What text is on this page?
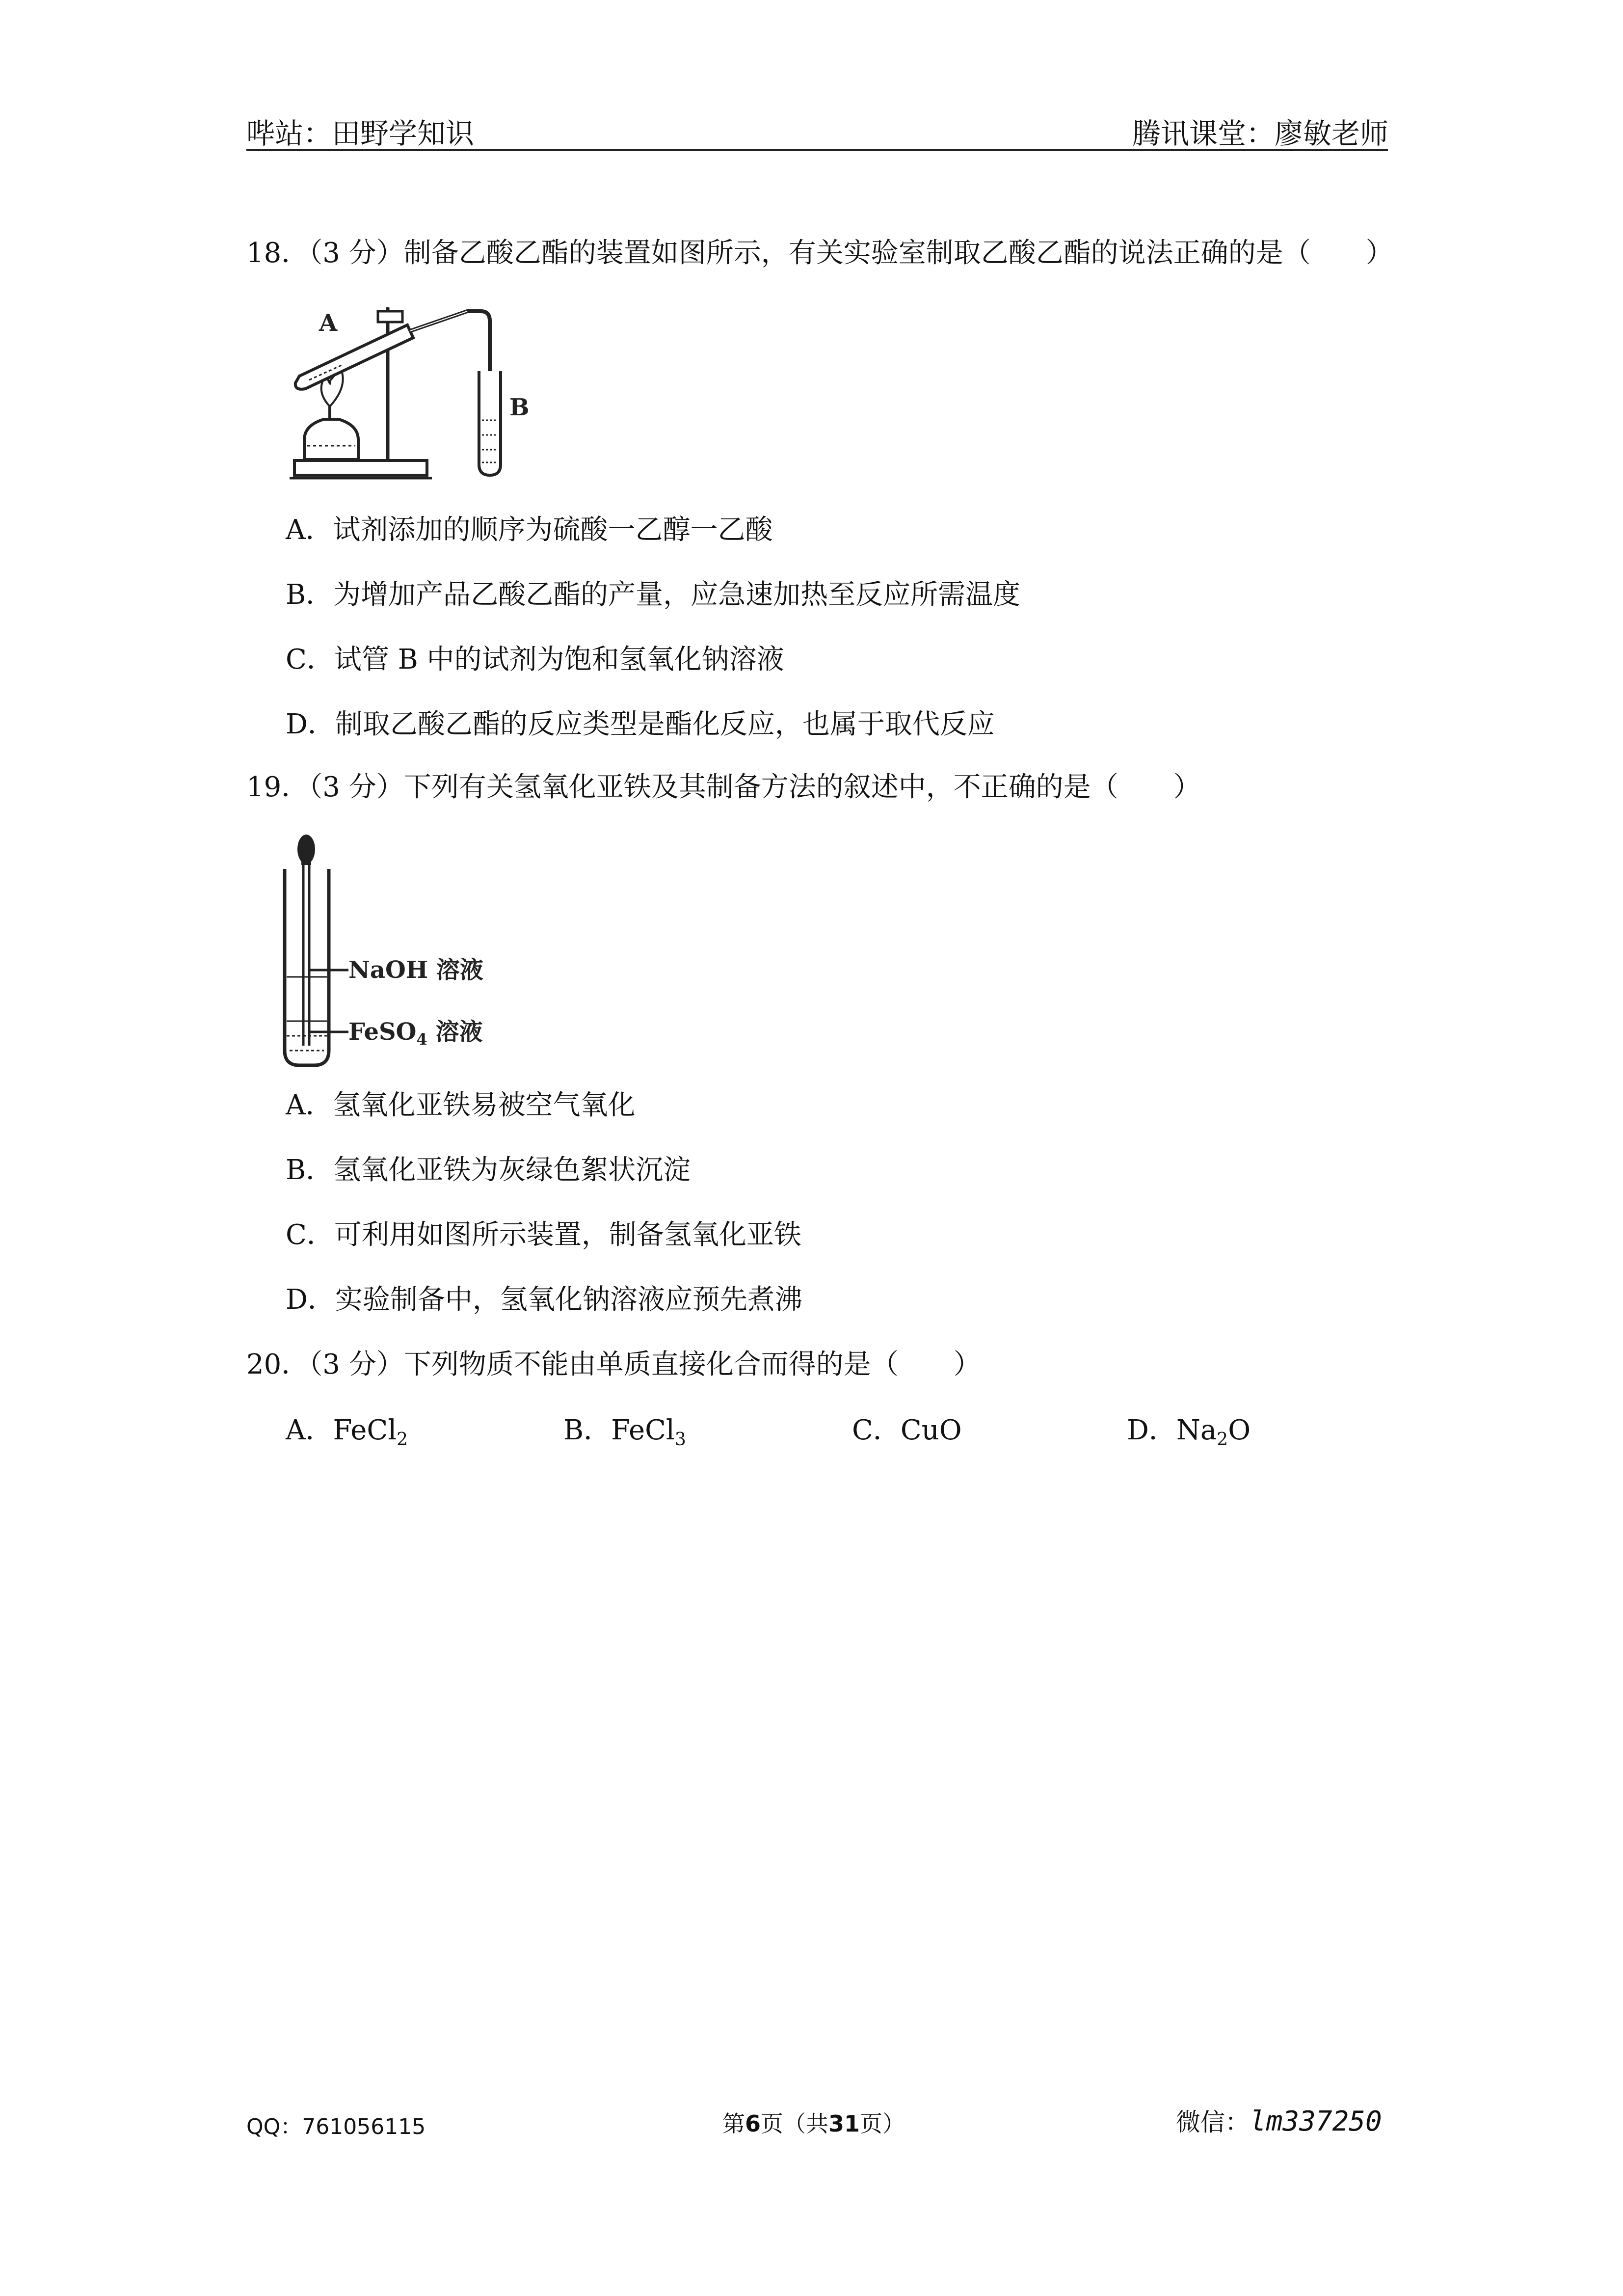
哔站：田野学知识	腾讯课堂：廖敏老师
18．（3 分）制备乙酸乙酯的装置如图所示，有关实验室制取乙酸乙酯的说法正确的是（　　）
A
B
A．试剂添加的顺序为硫酸一乙醇一乙酸
B．为增加产品乙酸乙酯的产量，应急速加热至反应所需温度
C．试管 B 中的试剂为饱和氢氧化钠溶液
D．制取乙酸乙酯的反应类型是酯化反应，也属于取代反应
19．（3 分）下列有关氢氧化亚铁及其制备方法的叙述中，不正确的是（　　）
NaOH 溶液
FeSO$_4$ 溶液
A．氢氧化亚铁易被空气氧化
B．氢氧化亚铁为灰绿色絮状沉淀
C．可利用如图所示装置，制备氢氧化亚铁
D．实验制备中，氢氧化钠溶液应预先煮沸
20．（3 分）下列物质不能由单质直接化合而得的是（　　）
A．FeCl$_2$	B．FeCl$_3$	C．CuO	D．$Na_2O$
QQ：761056115	第6页（共31页）	微信：lm337250
